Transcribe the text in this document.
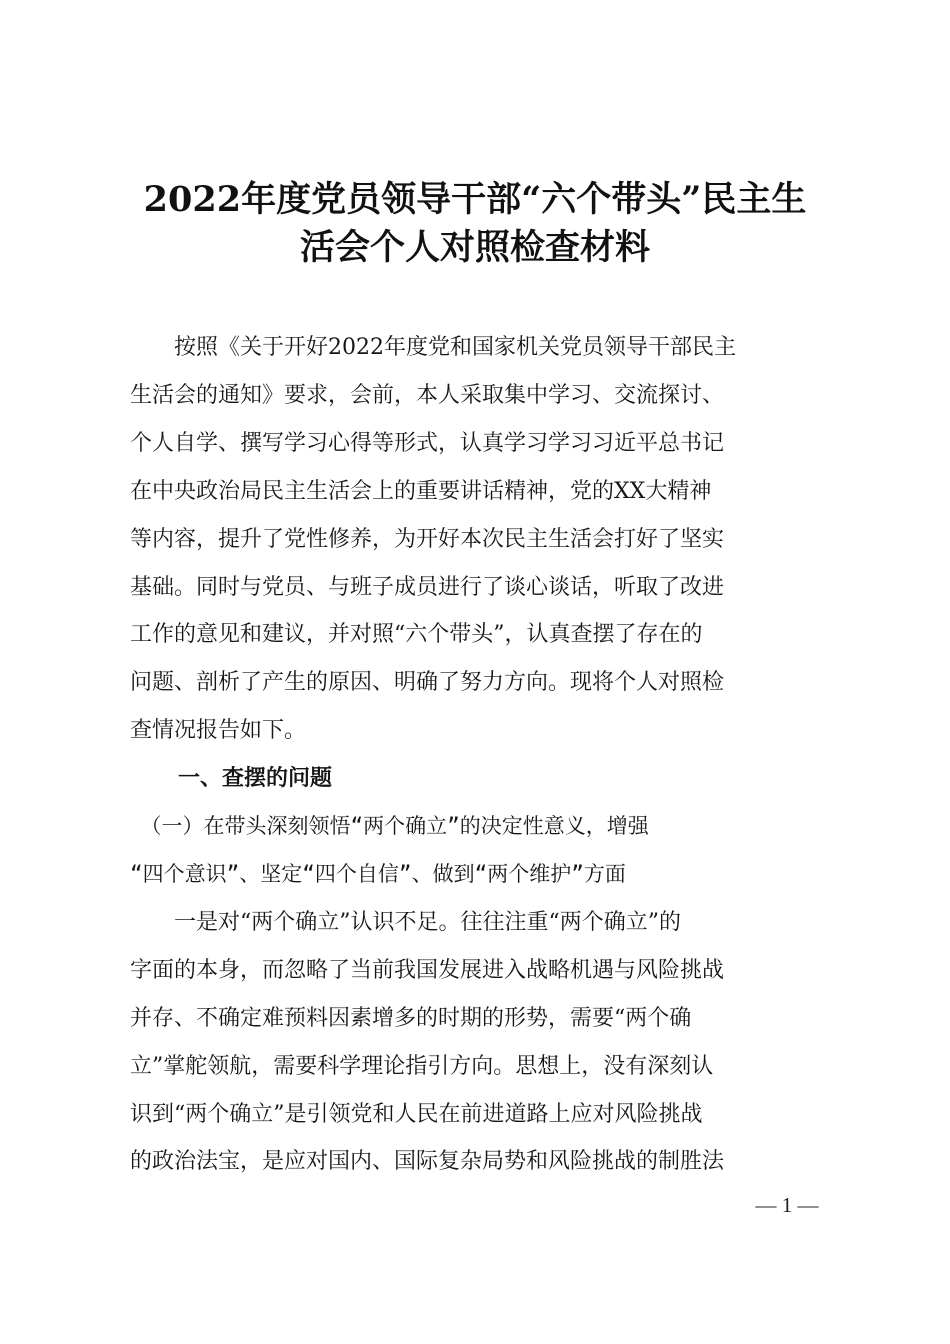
2022年度党员领导干部“六个带头”民主生
活会个人对照检查材料
　　按照《关于开好2022年度党和国家机关党员领导干部民主
生活会的通知》要求，会前，本人采取集中学习、交流探讨、
个人自学、撰写学习心得等形式，认真学习学习习近平总书记
在中央政治局民主生活会上的重要讲话精神，党的XX大精神
等内容，提升了党性修养，为开好本次民主生活会打好了坚实
基础。同时与党员、与班子成员进行了谈心谈话，听取了改进
工作的意见和建议，并对照“六个带头”，认真查摆了存在的
问题、剖析了产生的原因、明确了努力方向。现将个人对照检
查情况报告如下。
一、查摆的问题
　（一）在带头深刻领悟“两个确立”的决定性意义，增强
“四个意识”、坚定“四个自信”、做到“两个维护”方面
　　一是对“两个确立”认识不足。往往注重“两个确立”的
字面的本身，而忽略了当前我国发展进入战略机遇与风险挑战
并存、不确定难预料因素增多的时期的形势，需要“两个确
立”掌舵领航，需要科学理论指引方向。思想上，没有深刻认
识到“两个确立”是引领党和人民在前进道路上应对风险挑战
的政治法宝，是应对国内、国际复杂局势和风险挑战的制胜法
— 1 —
